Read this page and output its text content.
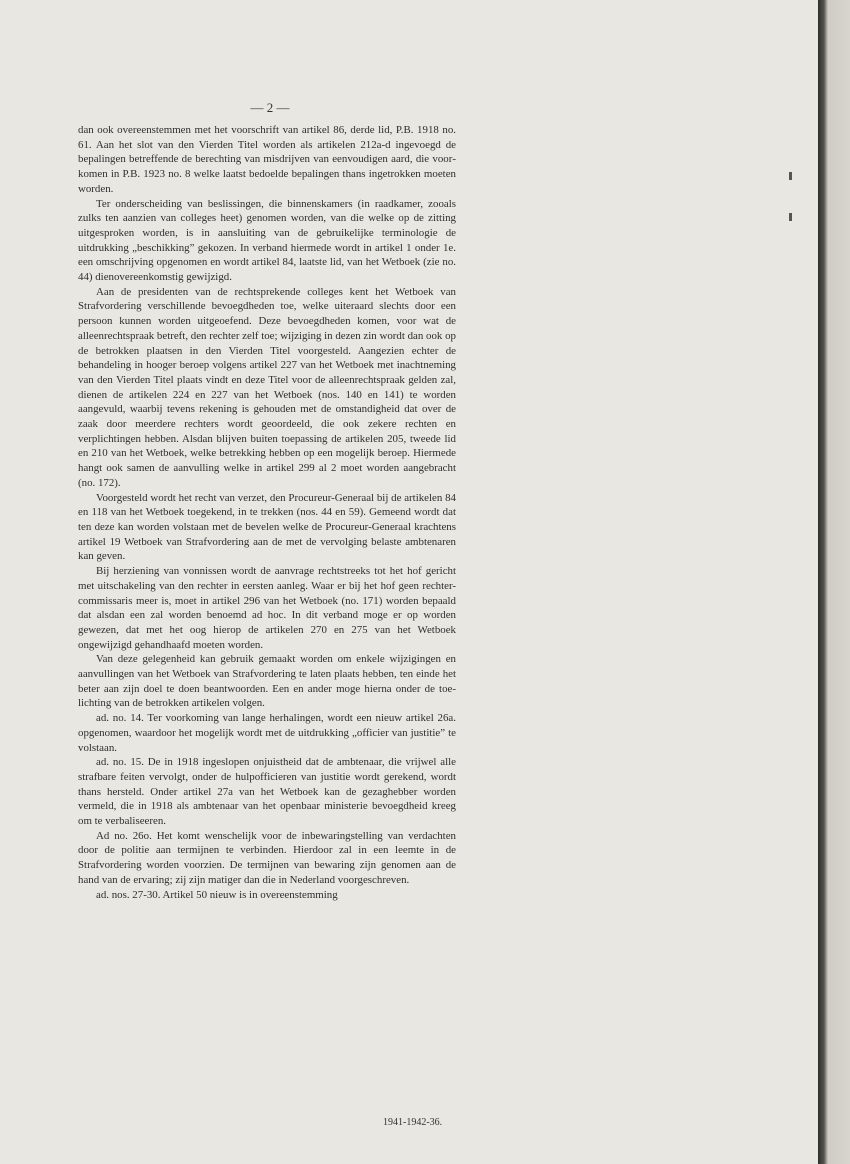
— 2 —

dan ook overeenstemmen met het voorschrift van artikel 86, derde lid, P.B. 1918 no. 61. Aan het slot van den Vierden Titel worden als artikelen 212a-d ingevoegd de bepalingen betreffende de berechting van misdrijven van eenvoudigen aard, die voorkomen in P.B. 1923 no. 8 welke laatst bedoelde bepalingen thans ingetrokken moeten worden.

Ter onderscheiding van beslissingen, die binnenskamers (in raadkamer, zooals zulks ten aanzien van colleges heet) genomen worden, van die welke op de zitting uitgesproken worden, is in aansluiting van de gebruikelijke terminologie de uitdrukking „beschikking” gekozen. In verband hiermede wordt in artikel 1 onder 1e. een omschrijving opgenomen en wordt artikel 84, laatste lid, van het Wetboek (zie no. 44) dienovereenkomstig gewijzigd.

Aan de presidenten van de rechtsprekende colleges kent het Wetboek van Strafvordering verschillende bevoegdheden toe, welke uiteraard slechts door een persoon kunnen worden uitgeoefend. Deze bevoegdheden komen, voor wat de alleenrechtspraak betreft, den rechter zelf toe; wijziging in dezen zin wordt dan ook op de betrokken plaatsen in den Vierden Titel voorgesteld. Aangezien echter de behandeling in hooger beroep volgens artikel 227 van het Wetboek met inachtneming van den Vierden Titel plaats vindt en deze Titel voor de alleenrechtspraak gelden zal, dienen de artikelen 224 en 227 van het Wetboek (nos. 140 en 141) te worden aangevuld, waarbij tevens rekening is gehouden met de omstandigheid dat over de zaak door meerdere rechters wordt geoordeeld, die ook zekere rechten en verplichtingen hebben. Alsdan blijven buiten toepassing de artikelen 205, tweede lid en 210 van het Wetboek, welke betrekking hebben op een mogelijk beroep. Hiermede hangt ook samen de aanvulling welke in artikel 299 al 2 moet worden aangebracht (no. 172).

Voorgesteld wordt het recht van verzet, den Procureur-Generaal bij de artikelen 84 en 118 van het Wetboek toegekend, in te trekken (nos. 44 en 59). Gemeend wordt dat ten deze kan worden volstaan met de bevelen welke de Procureur-Generaal krachtens artikel 19 Wetboek van Strafvordering aan de met de vervolging belaste ambtenaren kan geven.

Bij herziening van vonnissen wordt de aanvrage rechtstreeks tot het hof gericht met uitschakeling van den rechter in eersten aanleg. Waar er bij het hof geen rechter-commissaris meer is, moet in artikel 296 van het Wetboek (no. 171) worden bepaald dat alsdan een zal worden benoemd ad hoc. In dit verband moge er op worden gewezen, dat met het oog hierop de artikelen 270 en 275 van het Wetboek ongewijzigd gehandhaafd moeten worden.

Van deze gelegenheid kan gebruik gemaakt worden om enkele wijzigingen en aanvullingen van het Wetboek van Strafvordering te laten plaats hebben, ten einde het beter aan zijn doel te doen beantwoorden. Een en ander moge hierna onder de toelichting van de betrokken artikelen volgen.

ad. no. 14. Ter voorkoming van lange herhalingen, wordt een nieuw artikel 26a. opgenomen, waardoor het mogelijk wordt met de uitdrukking „officier van justitie” te volstaan.

ad. no. 15. De in 1918 ingeslopen onjuistheid dat de ambtenaar, die vrijwel alle strafbare feiten vervolgt, onder de hulpofficieren van justitie wordt gerekend, wordt thans hersteld. Onder artikel 27a van het Wetboek kan de gezaghebber worden vermeld, die in 1918 als ambtenaar van het openbaar ministerie bevoegdheid kreeg om te verbaliseeren.

Ad no. 26o. Het komt wenschelijk voor de inbewaringstelling van verdachten door de politie aan termijnen te verbinden. Hierdoor zal in een leemte in de Strafvordering worden voorzien. De termijnen van bewaring zijn genomen aan de hand van de ervaring; zij zijn matiger dan die in Nederland voorgeschreven.

ad. nos. 27-30. Artikel 50 nieuw is in overeenstemming

1941-1942-36.
